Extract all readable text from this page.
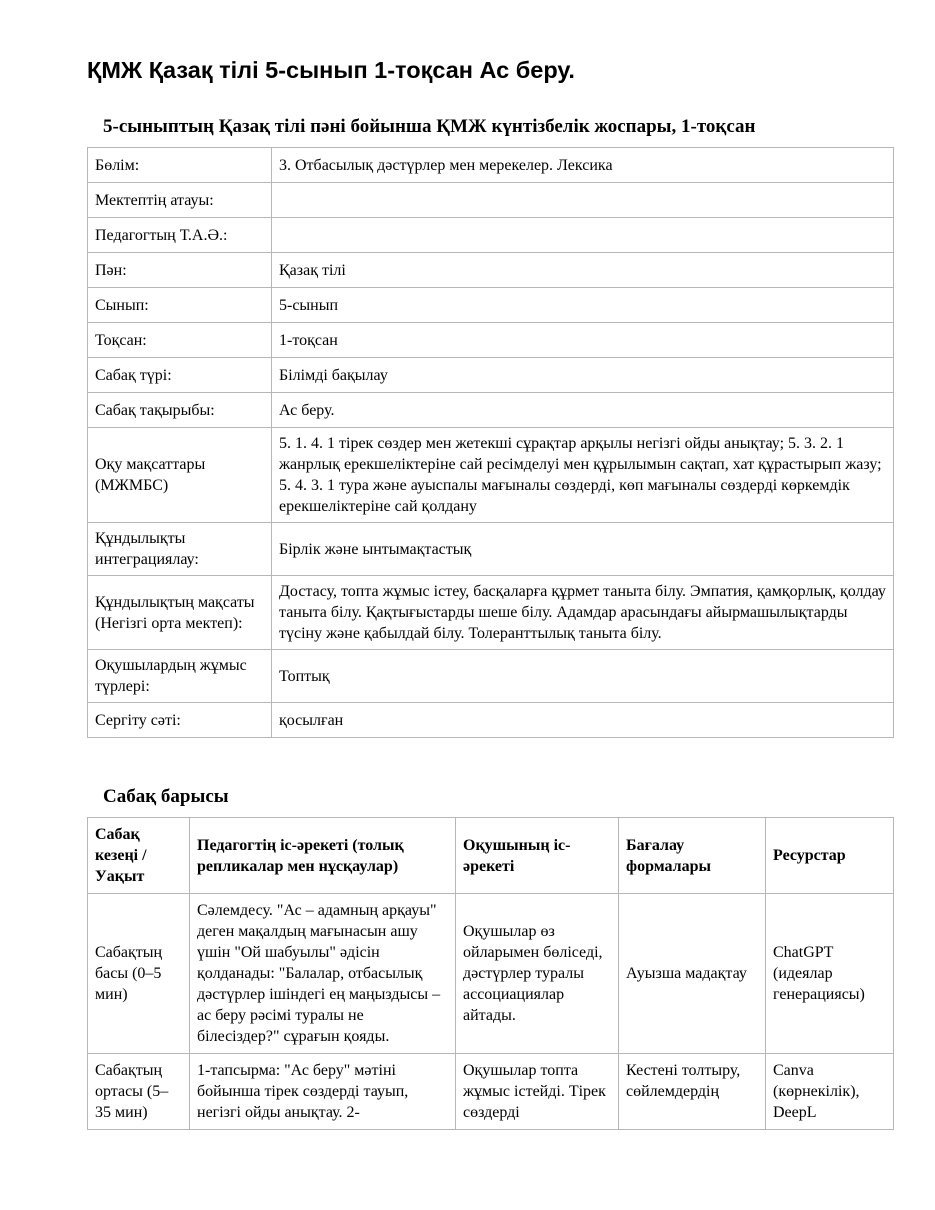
ҚМЖ Қазақ тілі 5-сынып 1-тоқсан Ас беру.
5-сыныптың Қазақ тілі пәні бойынша ҚМЖ күнтізбелік жоспары, 1-тоқсан
Бөлім:	3. Отбасылық дәстүрлер мен мерекелер. Лексика
Мектептің атауы:	
Педагогтың Т.А.Ә.:	
Пән:	Қазақ тілі
Сынып:	5-сынып
Тоқсан:	1-тоқсан
Сабақ түрі:	Білімді бақылау
Сабақ тақырыбы:	Ас беру.
Оқу мақсаттары (МЖМБС)	5. 1. 4. 1 тірек сөздер мен жетекші сұрақтар арқылы негізгі ойды анықтау; 5. 3. 2. 1 жанрлық ерекшеліктеріне сай ресімделуі мен құрылымын сақтап, хат құрастырып жазу; 5. 4. 3. 1 тура және ауыспалы мағыналы сөздерді, көп мағыналы сөздерді көркемдік ерекшеліктеріне сай қолдану
Құндылықты интеграциялау:	Бірлік және ынтымақтастық
Құндылықтың мақсаты (Негізгі орта мектеп):	Достасу, топта жұмыс істеу, басқаларға құрмет таныта білу. Эмпатия, қамқорлық, қолдау таныта білу. Қақтығыстарды шеше білу. Адамдар арасындағы айырмашылықтарды түсіну және қабылдай білу. Толеранттылық таныта білу.
Оқушылардың жұмыс түрлері:	Топтық
Сергіту сәті:	қосылған
Сабақ барысы
Сабақ кезеңі / Уақыт	Педагогтің іс-әрекеті (толық репликалар мен нұсқаулар)	Оқушының іс-әрекеті	Бағалау формалары	Ресурстар
Сабақтың басы (0–5 мин)	Сәлемдесу. "Ас – адамның арқауы" деген мақалдың мағынасын ашу үшін "Ой шабуылы" әдісін қолданады: "Балалар, отбасылық дәстүрлер ішіндегі ең маңыздысы – ас беру рәсімі туралы не білесіздер?" сұрағын қояды.	Оқушылар өз ойларымен бөліседі, дәстүрлер туралы ассоциациялар айтады.	Ауызша мадақтау	ChatGPT (идеялар генерациясы)
Сабақтың ортасы (5–35 мин)	1-тапсырма: "Ас беру" мәтіні бойынша тірек сөздерді тауып, негізгі ойды анықтау. 2-	Оқушылар топта жұмыс істейді. Тірек сөздерді	Кестені толтыру, сөйлемдердің	Canva (көрнекілік), DeepL
